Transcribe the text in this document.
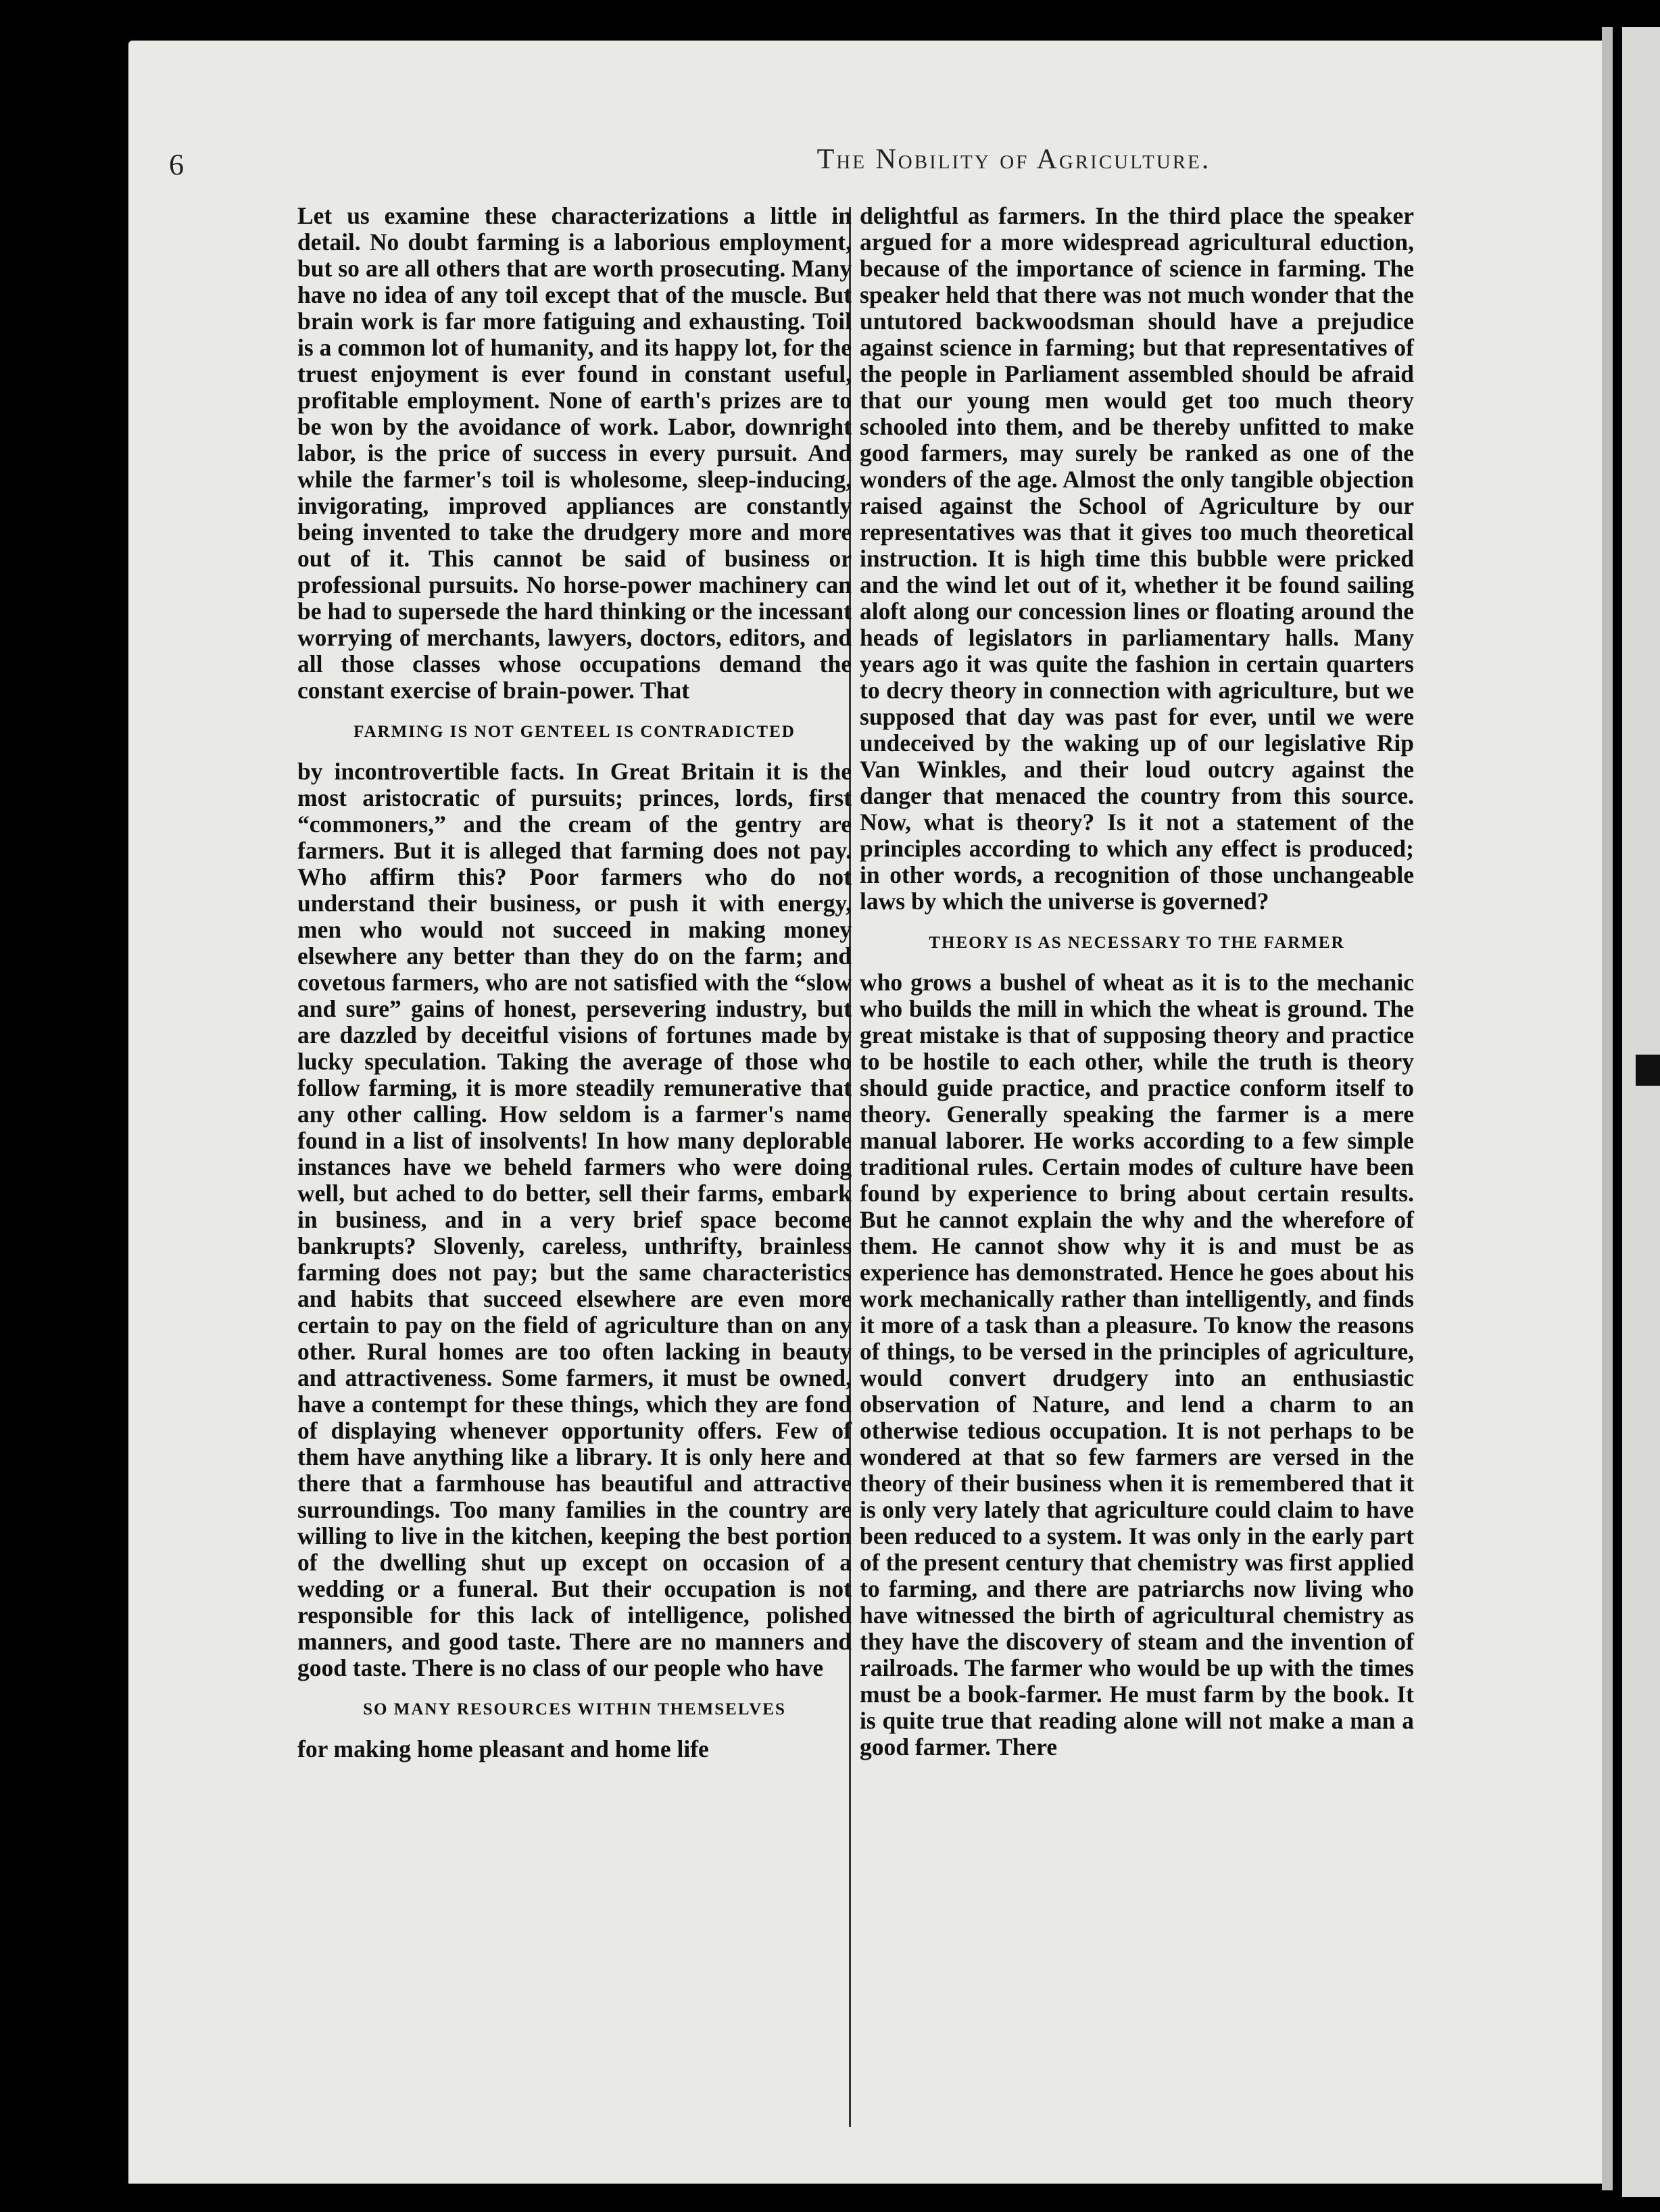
6	The Nobility of Agriculture.

Let us examine these characterizations a little in detail. No doubt farming is a laborious employment, but so are all others that are worth prosecuting. Many have no idea of any toil except that of the muscle. But brain work is far more fatiguing and exhausting. Toil is a common lot of humanity, and its happy lot, for the truest enjoyment is ever found in constant useful, profitable employment. None of earth's prizes are to be won by the avoidance of work. Labor, downright labor, is the price of success in every pursuit. And while the farmer's toil is wholesome, sleep-inducing, invigorating, improved appliances are constantly being invented to take the drudgery more and more out of it. This cannot be said of business or professional pursuits. No horse-power machinery can be had to supersede the hard thinking or the incessant worrying of merchants, lawyers, doctors, editors, and all those classes whose occupations demand the constant exercise of brain-power. That

FARMING IS NOT GENTEEL IS CONTRADICTED

by incontrovertible facts. In Great Britain it is the most aristocratic of pursuits; princes, lords, first “commoners,” and the cream of the gentry are farmers. But it is alleged that farming does not pay. Who affirm this? Poor farmers who do not understand their business, or push it with energy, men who would not succeed in making money elsewhere any better than they do on the farm; and covetous farmers, who are not satisfied with the “slow and sure” gains of honest, persevering industry, but are dazzled by deceitful visions of fortunes made by lucky speculation. Taking the average of those who follow farming, it is more steadily remunerative that any other calling. How seldom is a farmer's name found in a list of insolvents! In how many deplorable instances have we beheld farmers who were doing well, but ached to do better, sell their farms, embark in business, and in a very brief space become bankrupts? Slovenly, careless, unthrifty, brainless farming does not pay; but the same characteristics and habits that succeed elsewhere are even more certain to pay on the field of agriculture than on any other. Rural homes are too often lacking in beauty and attractiveness. Some farmers, it must be owned, have a contempt for these things, which they are fond of displaying whenever opportunity offers. Few of them have anything like a library. It is only here and there that a farmhouse has beautiful and attractive surroundings. Too many families in the country are willing to live in the kitchen, keeping the best portion of the dwelling shut up except on occasion of a wedding or a funeral. But their occupation is not responsible for this lack of intelligence, polished manners, and good taste. There are no manners and good taste. There is no class of our people who have

SO MANY RESOURCES WITHIN THEMSELVES

for making home pleasant and home life

delightful as farmers. In the third place the speaker argued for a more widespread agricultural eduction, because of the importance of science in farming. The speaker held that there was not much wonder that the untutored backwoodsman should have a prejudice against science in farming; but that representatives of the people in Parliament assembled should be afraid that our young men would get too much theory schooled into them, and be thereby unfitted to make good farmers, may surely be ranked as one of the wonders of the age. Almost the only tangible objection raised against the School of Agriculture by our representatives was that it gives too much theoretical instruction. It is high time this bubble were pricked and the wind let out of it, whether it be found sailing aloft along our concession lines or floating around the heads of legislators in parliamentary halls. Many years ago it was quite the fashion in certain quarters to decry theory in connection with agriculture, but we supposed that day was past for ever, until we were undeceived by the waking up of our legislative Rip Van Winkles, and their loud outcry against the danger that menaced the country from this source. Now, what is theory? Is it not a statement of the principles according to which any effect is produced; in other words, a recognition of those unchangeable laws by which the universe is governed?

THEORY IS AS NECESSARY TO THE FARMER

who grows a bushel of wheat as it is to the mechanic who builds the mill in which the wheat is ground. The great mistake is that of supposing theory and practice to be hostile to each other, while the truth is theory should guide practice, and practice conform itself to theory. Generally speaking the farmer is a mere manual laborer. He works according to a few simple traditional rules. Certain modes of culture have been found by experience to bring about certain results. But he cannot explain the why and the wherefore of them. He cannot show why it is and must be as experience has demonstrated. Hence he goes about his work mechanically rather than intelligently, and finds it more of a task than a pleasure. To know the reasons of things, to be versed in the principles of agriculture, would convert drudgery into an enthusiastic observation of Nature, and lend a charm to an otherwise tedious occupation. It is not perhaps to be wondered at that so few farmers are versed in the theory of their business when it is remembered that it is only very lately that agriculture could claim to have been reduced to a system. It was only in the early part of the present century that chemistry was first applied to farming, and there are patriarchs now living who have witnessed the birth of agricultural chemistry as they have the discovery of steam and the invention of railroads. The farmer who would be up with the times must be a book-farmer. He must farm by the book. It is quite true that reading alone will not make a man a good farmer. There
